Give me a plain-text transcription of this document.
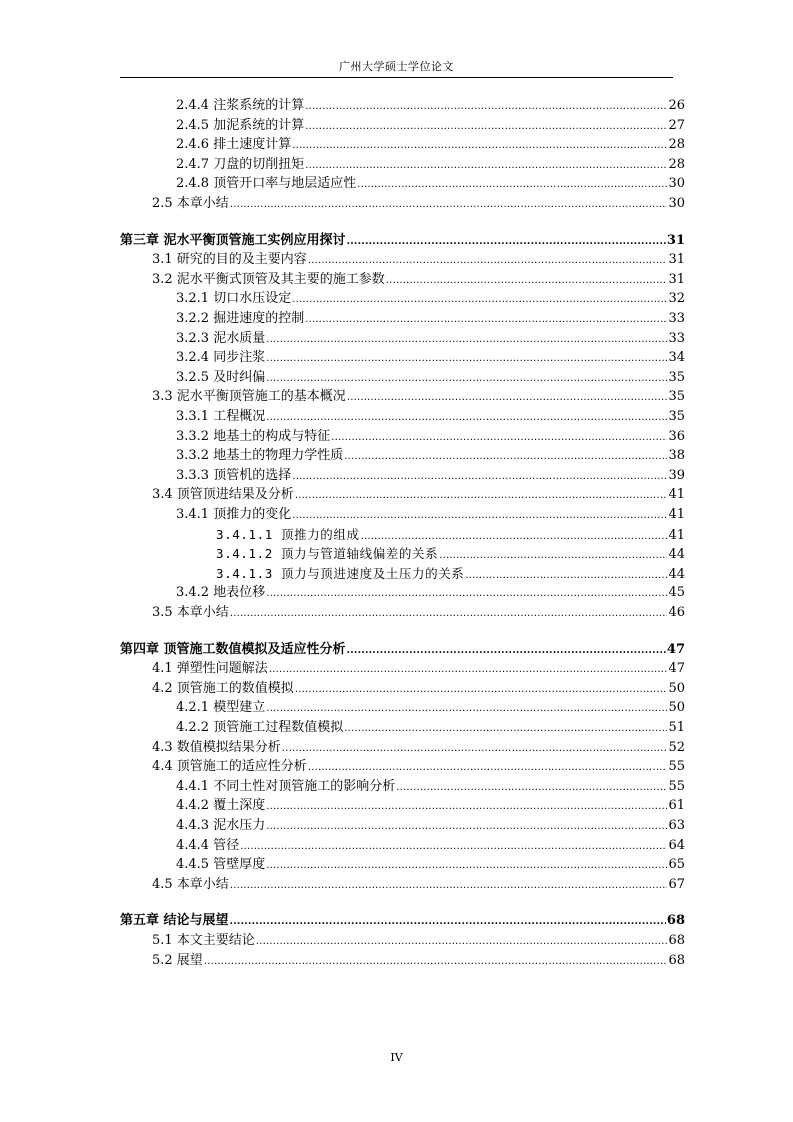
广州大学硕士学位论文
2.4.4 注浆系统的计算 .....	26
2.4.5 加泥系统的计算 .....	27
2.4.6 排土速度计算 .....	28
2.4.7 刀盘的切削扭矩 .....	28
2.4.8 顶管开口率与地层适应性 .....	30
2.5 本章小结 .....	30
第三章 泥水平衡顶管施工实例应用探讨 .....	31
3.1 研究的目的及主要内容 .....	31
3.2 泥水平衡式顶管及其主要的施工参数 .....	31
3.2.1 切口水压设定 .....	32
3.2.2 掘进速度的控制 .....	33
3.2.3 泥水质量 .....	33
3.2.4 同步注浆 .....	34
3.2.5 及时纠偏 .....	35
3.3 泥水平衡顶管施工的基本概况 .....	35
3.3.1 工程概况 .....	35
3.3.2 地基土的构成与特征 .....	36
3.3.2 地基土的物理力学性质 .....	38
3.3.3 顶管机的选择 .....	39
3.4 顶管顶进结果及分析 .....	41
3.4.1 顶推力的变化 .....	41
3.4.1.1 顶推力的组成 .....	41
3.4.1.2 顶力与管道轴线偏差的关系 .....	44
3.4.1.3 顶力与顶进速度及土压力的关系 .....	44
3.4.2 地表位移 .....	45
3.5 本章小结 .....	46
第四章 顶管施工数值模拟及适应性分析 .....	47
4.1 弹塑性问题解法 .....	47
4.2 顶管施工的数值模拟 .....	50
4.2.1 模型建立 .....	50
4.2.2 顶管施工过程数值模拟 .....	51
4.3 数值模拟结果分析 .....	52
4.4 顶管施工的适应性分析 .....	55
4.4.1 不同土性对顶管施工的影响分析 .....	55
4.4.2 覆土深度 .....	61
4.4.3 泥水压力 .....	63
4.4.4 管径 .....	64
4.4.5 管壁厚度 .....	65
4.5 本章小结 .....	67
第五章 结论与展望 .....	68
5.1 本文主要结论 .....	68
5.2 展望 .....	68
IV
